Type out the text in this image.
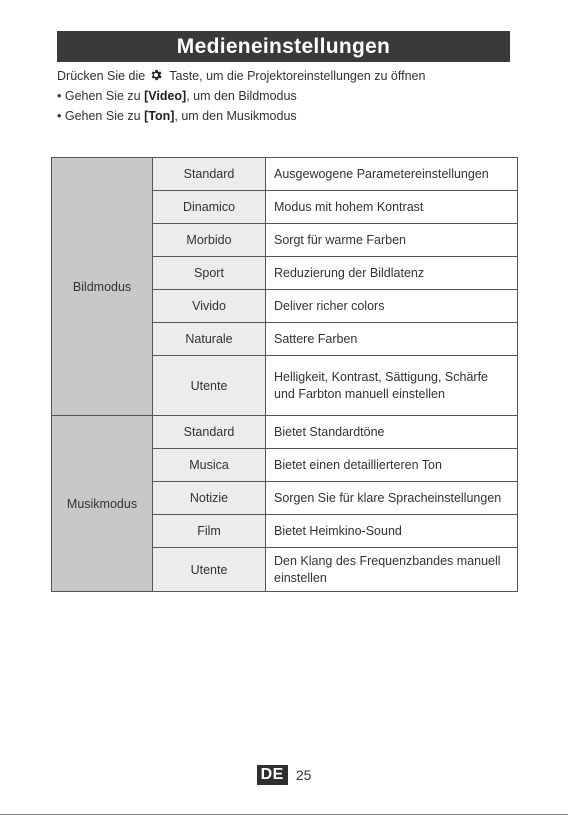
Medieneinstellungen

Drücken Sie die Taste, um die Projektoreinstellungen zu öffnen

• Gehen Sie zu [Video], um den Bildmodus

• Gehen Sie zu [Ton], um den Musikmodus

Bildmodus	Standard	Ausgewogene Parametereinstellungen
	Dinamico	Modus mit hohem Kontrast
	Morbido	Sorgt für warme Farben
	Sport	Reduzierung der Bildlatenz
	Vivido	Deliver richer colors
	Naturale	Sattere Farben
	Utente	Helligkeit, Kontrast, Sättigung, Schärfe und Farbton manuell einstellen
Musikmodus	Standard	Bietet Standardtöne
	Musica	Bietet einen detaillierteren Ton
	Notizie	Sorgen Sie für klare Spracheinstellungen
	Film	Bietet Heimkino-Sound
	Utente	Den Klang des Frequenzbandes manuell einstellen
DE 25
